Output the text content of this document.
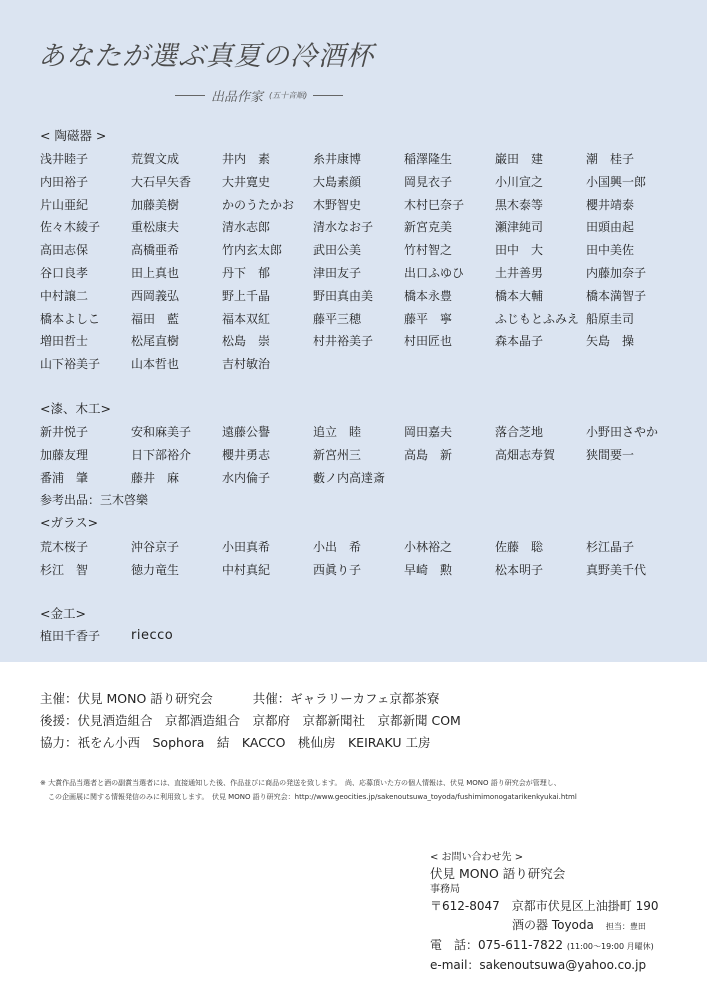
あなたが選ぶ真夏の冷酒杯
出品作家 (五十音順)
< 陶磁器 >
浅井睦子	荒賀文成	井内　素	糸井康博	稲澤隆生	巌田　建	潮　桂子
内田裕子	大石早矢香	大井寛史	大島素顔	岡見衣子	小川宣之	小国興一郎
片山亜紀	加藤美樹	かのうたかお	木野智史	木村巳奈子	黒木泰等	櫻井靖泰
佐々木綾子	重松康夫	清水志郎	清水なお子	新宮克美	瀬津純司	田頭由起
高田志保	高橋亜希	竹内玄太郎	武田公美	竹村智之	田中　大	田中美佐
谷口良孝	田上真也	丹下　郁	津田友子	出口ふゆひ	土井善男	内藤加奈子
中村譲二	西岡義弘	野上千晶	野田真由美	橋本永豊	橋本大輔	橋本満智子
橋本よしこ	福田　藍	福本双紅	藤平三穂	藤平　寧	ふじもとふみえ 船原圭司
増田哲士	松尾直樹	松島　崇	村井裕美子	村田匠也	森本晶子	矢島　操
山下裕美子	山本哲也	吉村敏治
<漆、木工>
新井悦子	安和麻美子	遠藤公譽	追立　睦	岡田嘉夫	落合芝地	小野田さやか
加藤友理	日下部裕介	櫻井勇志	新宮州三	高島　新	高畑志寿賀	狭間要一
番浦　肇	藤井　麻	水内倫子	藪ノ内高達斎
参考出品：三木啓樂
<ガラス>
荒木桜子	沖谷京子	小田真希	小出　希	小林裕之	佐藤　聡	杉江晶子
杉江　智	徳力竜生	中村真紀	西眞り子	早崎　勲	松本明子	真野美千代
<金工>
植田千香子	riecco
主催：伏見 MONO 語り研究会	共催：ギャラリーカフェ京都茶寮
後援：伏見酒造組合　京都酒造組合　京都府　京都新聞社　京都新聞 COM
協力：祇をん小西　Sophora　結　KACCO　桃仙房　KEIRAKU 工房
※ 大賞作品当選者と酒の副賞当選者には、直接通知した後、作品並びに商品の発送を致します。　尚、応募頂いた方の個人情報は、伏見 MONO 語り研究会が管理し、
この企画展に関する情報発信のみに利用致します。　伏見 MONO 語り研究会：http://www.geocities.jp/sakenoutsuwa_toyoda/fushimimonogatarikenkyukai.html
< お問い合わせ先 >
伏見 MONO 語り研究会
事務局
〒612-8047　京都市伏見区上油掛町 190
酒の器 Toyoda　 担当：豊田
電　話：075-611-7822 (11:00〜19:00 月曜休)
e-mail：sakenoutsuwa@yahoo.co.jp
